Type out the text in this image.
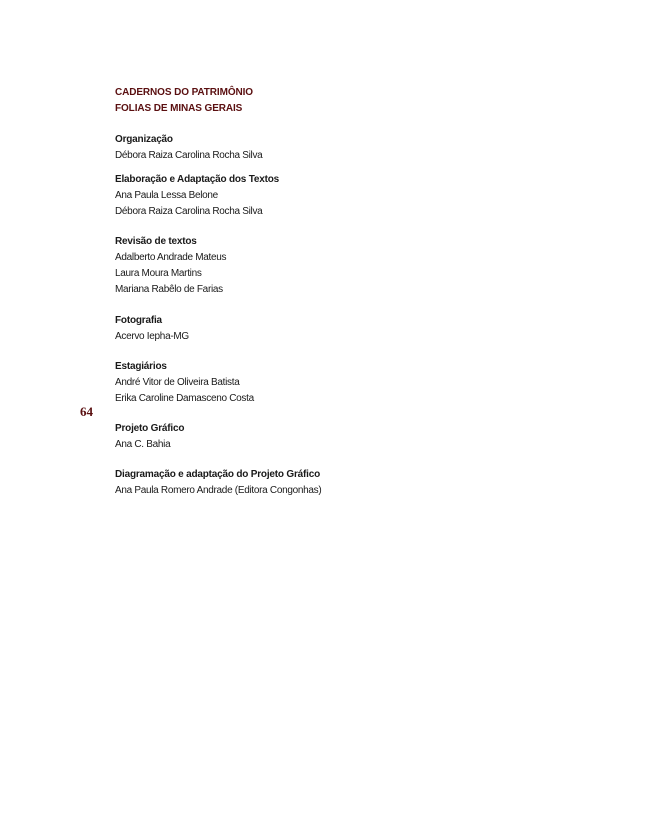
CADERNOS DO PATRIMÔNIO

FOLIAS DE MINAS GERAIS

Organização

Débora Raiza Carolina Rocha Silva

Elaboração e Adaptação dos Textos

Ana Paula Lessa Belone

Débora Raiza Carolina Rocha Silva

Revisão de textos

Adalberto Andrade Mateus

Laura Moura Martins

Mariana Rabêlo de Farias

Fotografia

Acervo Iepha-MG

Estagiários

André Vitor de Oliveira Batista

Erika Caroline Damasceno Costa

Projeto Gráfico

Ana C. Bahia

Diagramação e adaptação do Projeto Gráfico

Ana Paula Romero Andrade (Editora Congonhas)

64
